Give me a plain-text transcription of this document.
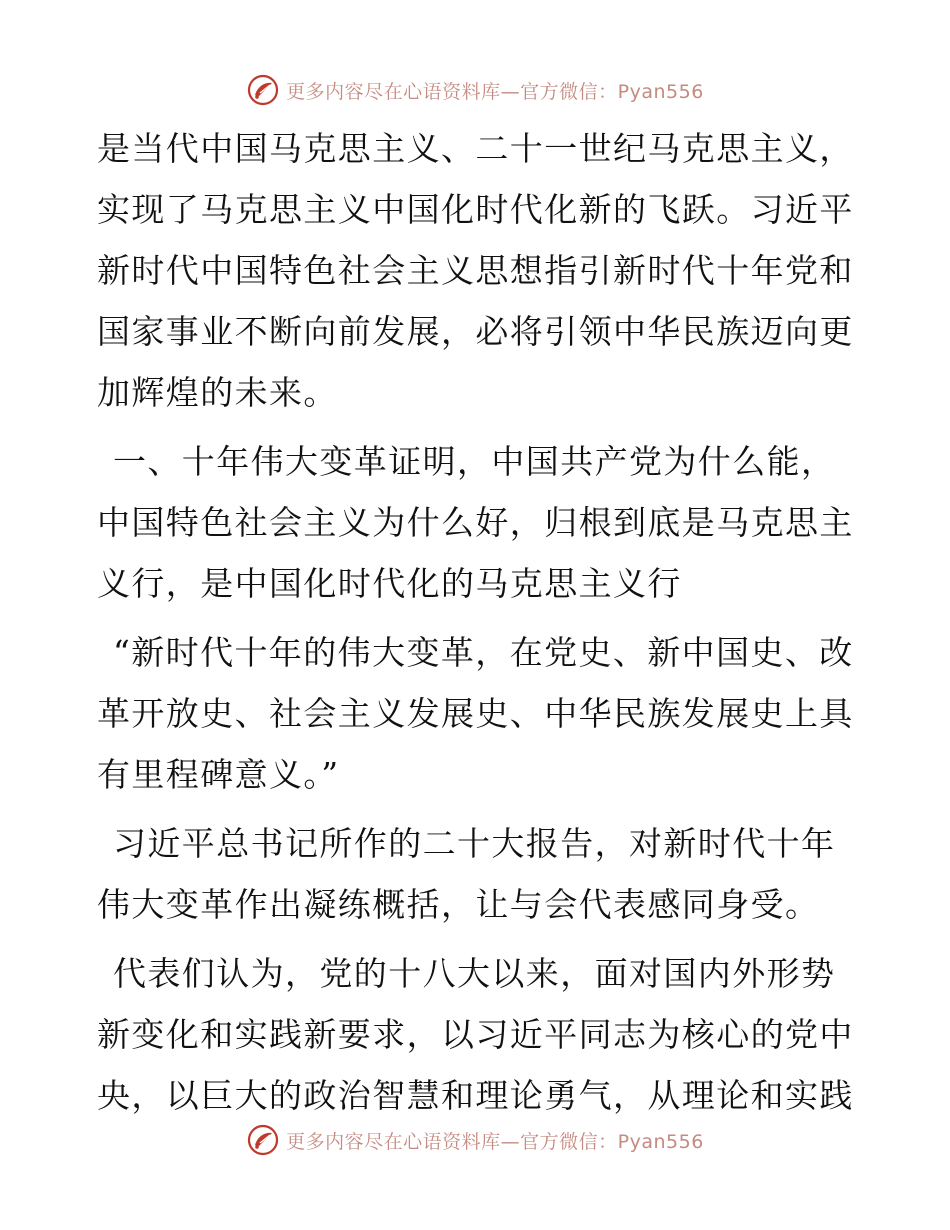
更多内容尽在心语资料库—官方微信：Pyan556

是当代中国马克思主义、二十一世纪马克思主义，实现了马克思主义中国化时代化新的飞跃。习近平新时代中国特色社会主义思想指引新时代十年党和国家事业不断向前发展，必将引领中华民族迈向更加辉煌的未来。

一、十年伟大变革证明，中国共产党为什么能，中国特色社会主义为什么好，归根到底是马克思主义行，是中国化时代化的马克思主义行

“新时代十年的伟大变革，在党史、新中国史、改革开放史、社会主义发展史、中华民族发展史上具有里程碑意义。”

习近平总书记所作的二十大报告，对新时代十年伟大变革作出凝练概括，让与会代表感同身受。

代表们认为，党的十八大以来，面对国内外形势新变化和实践新要求，以习近平同志为核心的党中央，以巨大的政治智慧和理论勇气，从理论和实践

更多内容尽在心语资料库—官方微信：Pyan556
